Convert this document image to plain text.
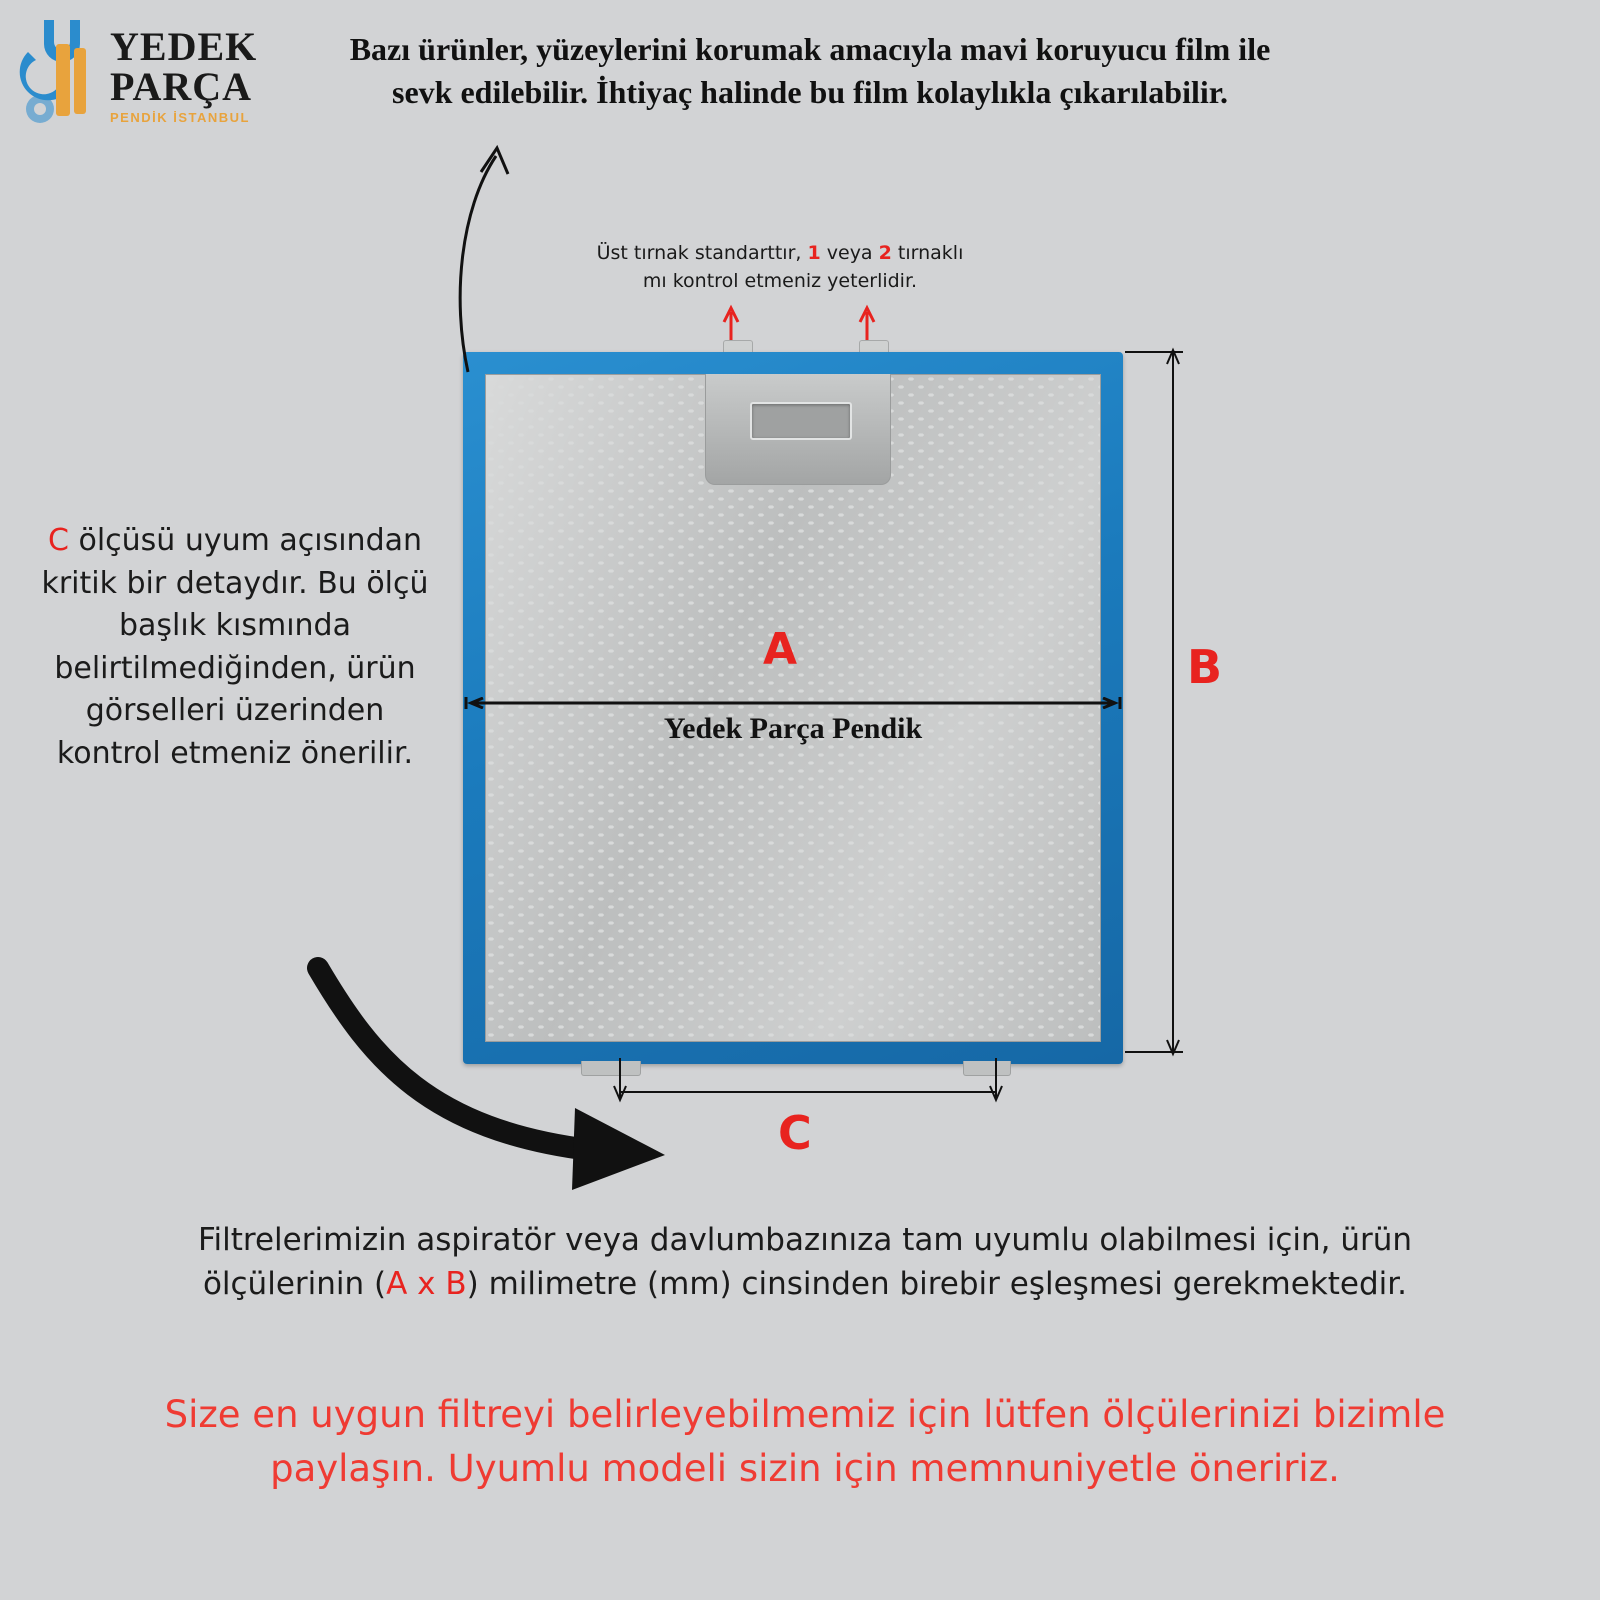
YEDEK
PARÇA
PENDİK İSTANBUL
Bazı ürünler, yüzeylerini korumak amacıyla mavi koruyucu film ile sevk edilebilir. İhtiyaç halinde bu film kolaylıkla çıkarılabilir.
Üst tırnak standarttır, 1 veya 2 tırnaklı
mı kontrol etmeniz yeterlidir.
C ölçüsü uyum açısından kritik bir detaydır. Bu ölçü başlık kısmında belirtilmediğinden, ürün görselleri üzerinden kontrol etmeniz önerilir.
A
Yedek Parça Pendik
B
C
Filtrelerimizin aspiratör veya davlumbazınıza tam uyumlu olabilmesi için, ürün ölçülerinin (A x B) milimetre (mm) cinsinden birebir eşleşmesi gerekmektedir.
Size en uygun filtreyi belirleyebilmemiz için lütfen ölçülerinizi bizimle paylaşın. Uyumlu modeli sizin için memnuniyetle öneririz.
